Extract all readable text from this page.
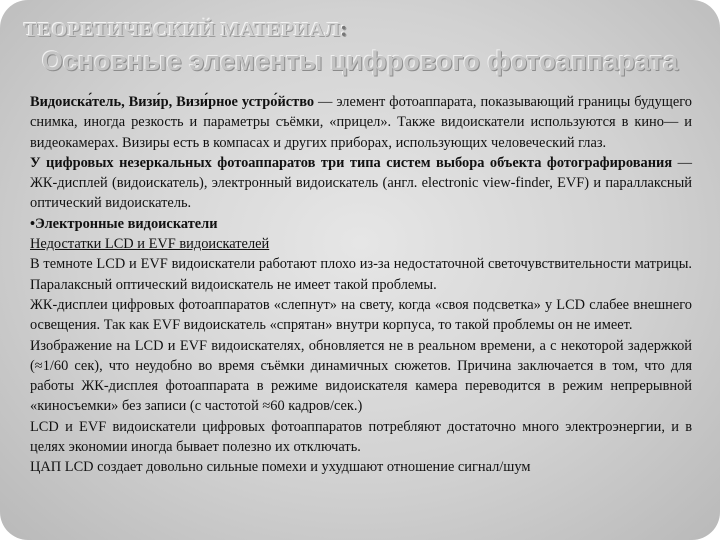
ТЕОРЕТИЧЕСКИЙ МАТЕРИАЛ:
Основные элементы цифрового фотоаппарата

Видоиска́тель, Визи́р, Визи́рное устро́йство — элемент фотоаппарата, показывающий границы будущего снимка, иногда резкость и параметры съёмки, «прицел». Также видоискатели используются в кино— и видеокамерах. Визиры есть в компасах и других приборах, использующих человеческий глаз.

У цифровых незеркальных фотоаппаратов три типа систем выбора объекта фотографирования — ЖК-дисплей (видоискатель), электронный видоискатель (англ. electronic view-finder, EVF) и параллаксный оптический видоискатель.

•Электронные видоискатели

Недостатки LCD и EVF видоискателей

В темноте LCD и EVF видоискатели работают плохо из-за недостаточной светочувствительности матрицы. Паралаксный оптический видоискатель не имеет такой проблемы.

ЖК-дисплеи цифровых фотоаппаратов «слепнут» на свету, когда «своя подсветка» у LCD слабее внешнего освещения. Так как EVF видоискатель «спрятан» внутри корпуса, то такой проблемы он не имеет.

Изображение на LCD и EVF видоискателях, обновляется не в реальном времени, а с некоторой задержкой (≈1/60 сек), что неудобно во время съёмки динамичных сюжетов. Причина заключается в том, что для работы ЖК-дисплея фотоаппарата в режиме видоискателя камера переводится в режим непрерывной «киносъемки» без записи (с частотой ≈60 кадров/сек.)

LCD и EVF видоискатели цифровых фотоаппаратов потребляют достаточно много электроэнергии, и в целях экономии иногда бывает полезно их отключать.

ЦАП LCD создает довольно сильные помехи и ухудшают отношение сигнал/шум
